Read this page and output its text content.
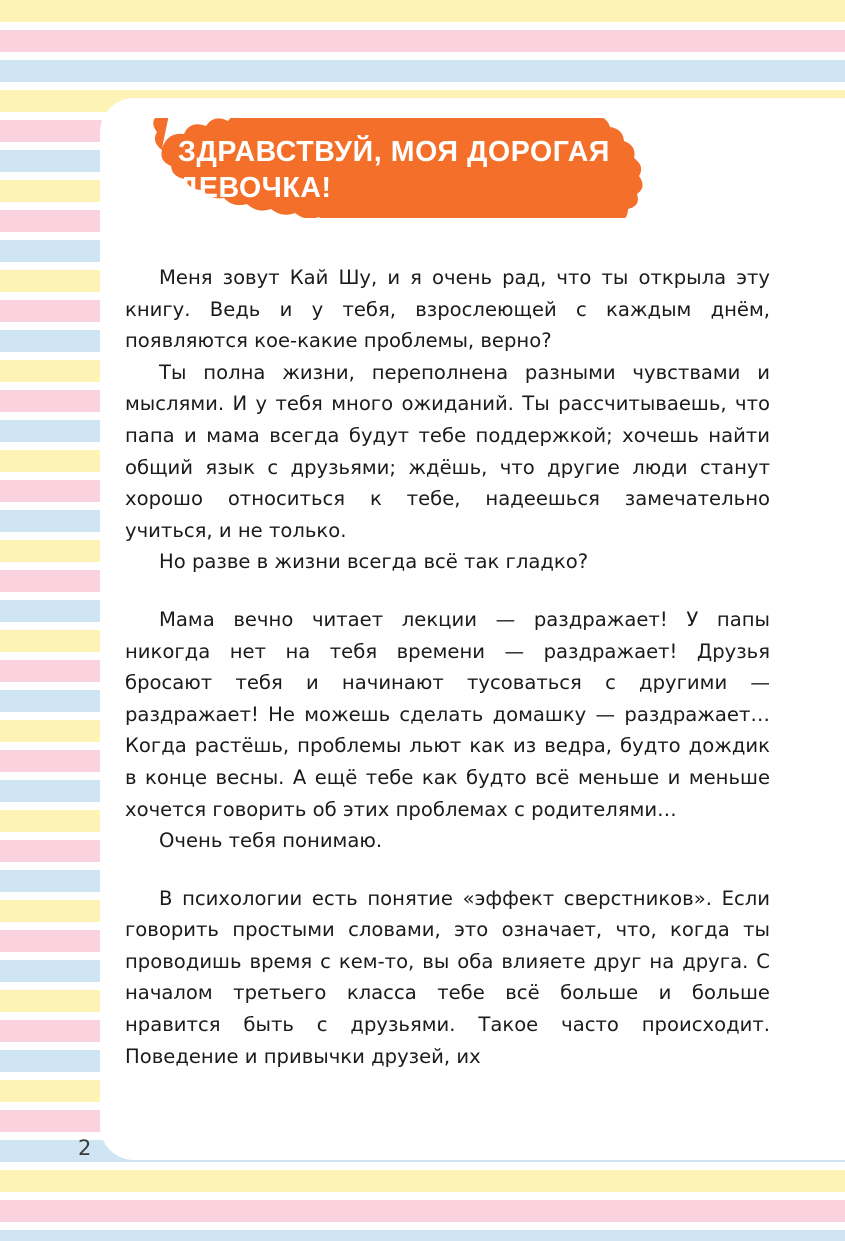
ЗДРАВСТВУЙ, МОЯ ДОРОГАЯ ДЕВОЧКА!

Меня зовут Кай Шу, и я очень рад, что ты открыла эту книгу. Ведь и у тебя, взрослеющей с каждым днём, появляются кое-какие проблемы, верно?

Ты полна жизни, переполнена разными чувствами и мыслями. И у тебя много ожиданий. Ты рассчитываешь, что папа и мама всегда будут тебе поддержкой; хочешь найти общий язык с друзьями; ждёшь, что другие люди станут хорошо относиться к тебе, надеешься замечательно учиться, и не только.

Но разве в жизни всегда всё так гладко?

Мама вечно читает лекции — раздражает! У папы никогда нет на тебя времени — раздражает! Друзья бросают тебя и начинают тусоваться с другими — раздражает! Не можешь сделать домашку — раздражает… Когда растёшь, проблемы льют как из ведра, будто дождик в конце весны. А ещё тебе как будто всё меньше и меньше хочется говорить об этих проблемах с родителями…

Очень тебя понимаю.

В психологии есть понятие «эффект сверстников». Если говорить простыми словами, это означает, что, когда ты проводишь время с кем-то, вы оба влияете друг на друга. С началом третьего класса тебе всё больше и больше нравится быть с друзьями. Такое часто происходит. Поведение и привычки друзей, их

2
